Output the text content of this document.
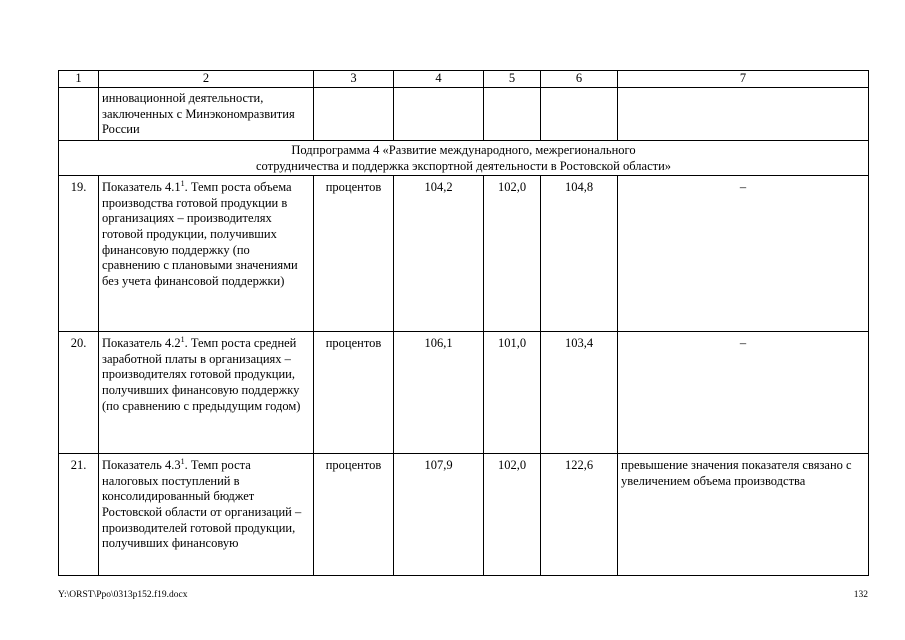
1	2	3	4	5	6	7
	инновационной деятельности, заключенных с Минэкономразвития России					

Подпрограмма 4 «Развитие международного, межрегионального
сотрудничества и поддержка экспортной деятельности в Ростовской области»						

19.	Показатель $4.1^1$. Темп роста объема производства готовой продукции в организациях – производителях готовой продукции, получивших финансовую поддержку (по сравнению с плановыми значениями без учета финансовой поддержки)	процентов	104,2	102,0	104,8	–
20.	Показатель $4.2^1$. Темп роста средней заработной платы в организациях – производителях готовой продукции, получивших финансовую поддержку (по сравнению с предыдущим годом)	процентов	106,1	101,0	103,4	–
21.	Показатель $4.3^1$. Темп роста налоговых поступлений в консолидированный бюджет Ростовской области от организаций – производителей готовой продукции, получивших финансовую	процентов	107,9	102,0	122,6	превышение значения показателя связано с увеличением объема производства
Y:\ORST\Ppo\0313p152.f19.docx	132
